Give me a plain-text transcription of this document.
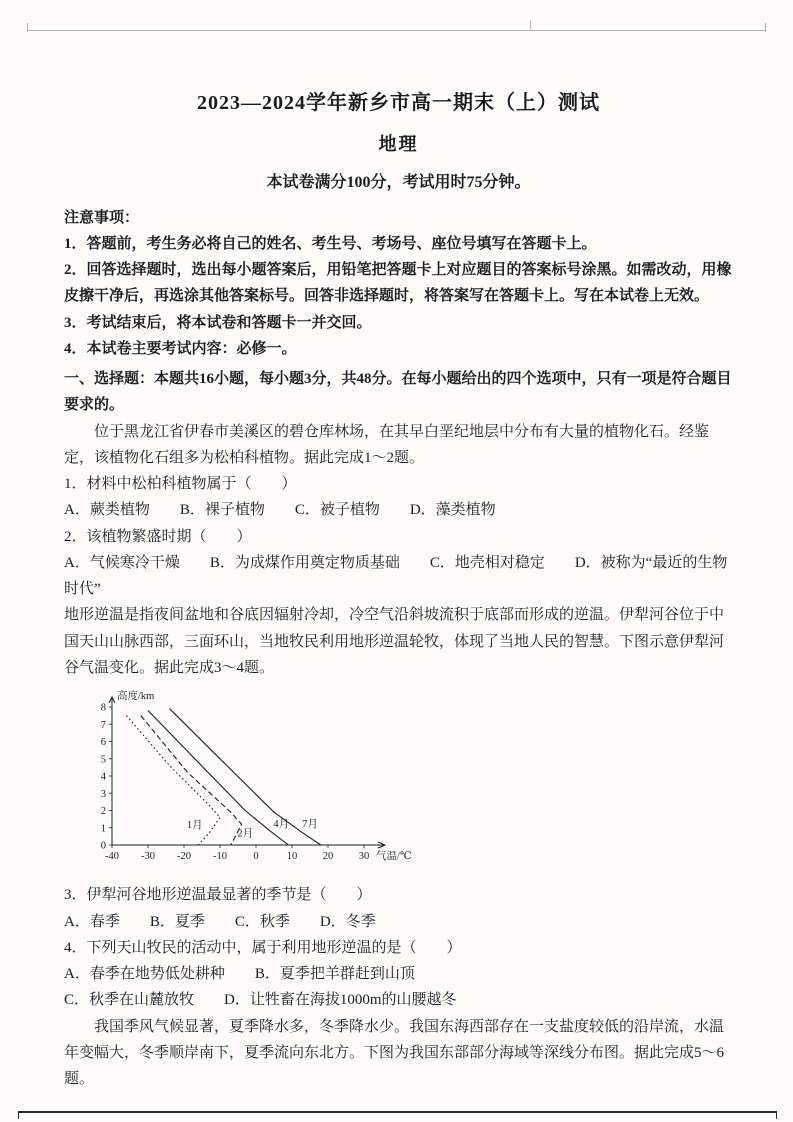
2023—2024学年新乡市高一期末（上）测试
地理
本试卷满分100分，考试用时75分钟。
注意事项：
1．答题前，考生务必将自己的姓名、考生号、考场号、座位号填写在答题卡上。
2．回答选择题时，选出每小题答案后，用铅笔把答题卡上对应题目的答案标号涂黑。如需改动，用橡皮擦干净后，再选涂其他答案标号。回答非选择题时，将答案写在答题卡上。写在本试卷上无效。
3．考试结束后，将本试卷和答题卡一并交回。
4．本试卷主要考试内容：必修一。
一、选择题：本题共16小题，每小题3分，共48分。在每小题给出的四个选项中，只有一项是符合题目要求的。

位于黑龙江省伊春市美溪区的碧仓库林场，在其早白垩纪地层中分布有大量的植物化石。经鉴定，该植物化石组多为松柏科植物。据此完成1～2题。

1．材料中松柏科植物属于（　　）
A．蕨类植物　　B．裸子植物　　C．被子植物　　D．藻类植物
2．该植物繁盛时期（　　）
A．气候寒冷干燥　　B．为成煤作用奠定物质基础　　C．地壳相对稳定　　D．被称为“最近的生物时代”

地形逆温是指夜间盆地和谷底因辐射冷却，冷空气沿斜坡流积于底部而形成的逆温。伊犁河谷位于中国天山山脉西部，三面环山，当地牧民利用地形逆温轮牧，体现了当地人民的智慧。下图示意伊犁河谷气温变化。据此完成3～4题。

0
1
2
3
4
5
6
7
8
-40 -30 -20 -10	0	10 20 30
高度/km
气温/℃
1月
2月
4月 7月
3．伊犁河谷地形逆温最显著的季节是（　　）
A．春季　　B．夏季　　C．秋季　　D．冬季
4．下列天山牧民的活动中，属于利用地形逆温的是（　　）
A．春季在地势低处耕种　　B．夏季把羊群赶到山顶
C．秋季在山麓放牧　　D．让牲畜在海拔1000m的山腰越冬

我国季风气候显著，夏季降水多，冬季降水少。我国东海西部存在一支盐度较低的沿岸流，水温年变幅大，冬季顺岸南下，夏季流向东北方。下图为我国东部部分海域等深线分布图。据此完成5～6题。
